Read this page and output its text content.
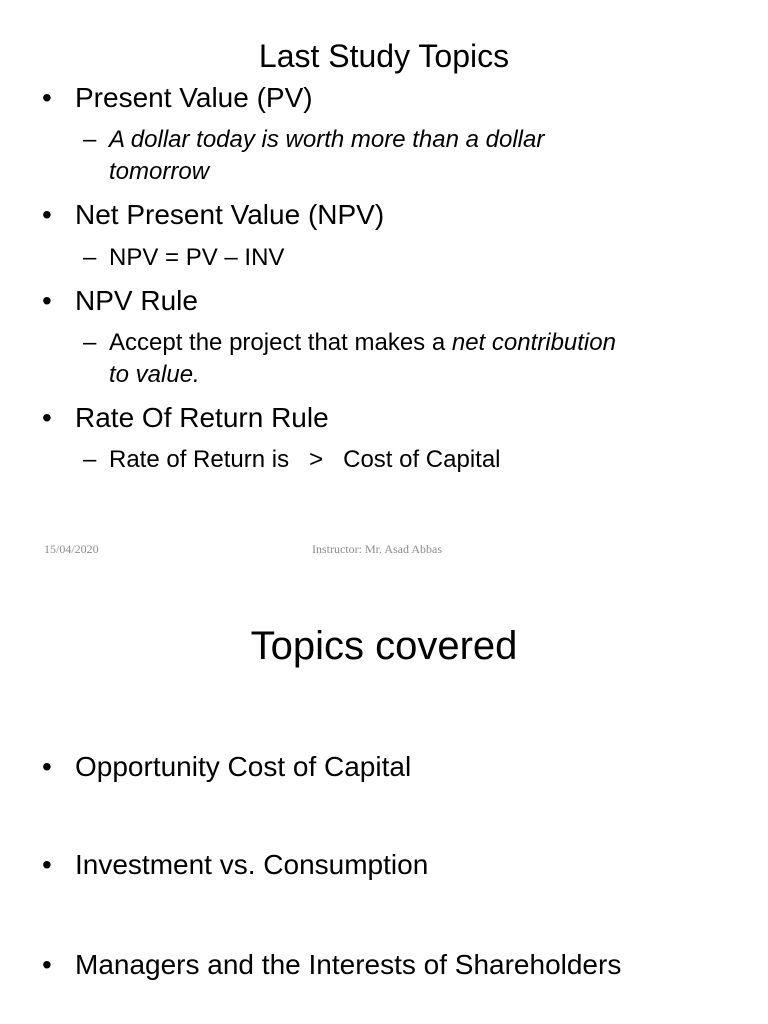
Last Study Topics
• Present Value (PV)
– A dollar today is worth more than a dollar
tomorrow
• Net Present Value (NPV)
– NPV = PV – INV
• NPV Rule
– Accept the project that makes a net contribution
to value.
• Rate Of Return Rule
– Rate of Return is   >   Cost of Capital
15/04/2020	Instructor: Mr. Asad Abbas
Topics covered
• Opportunity Cost of Capital
• Investment vs. Consumption
• Managers and the Interests of Shareholders
